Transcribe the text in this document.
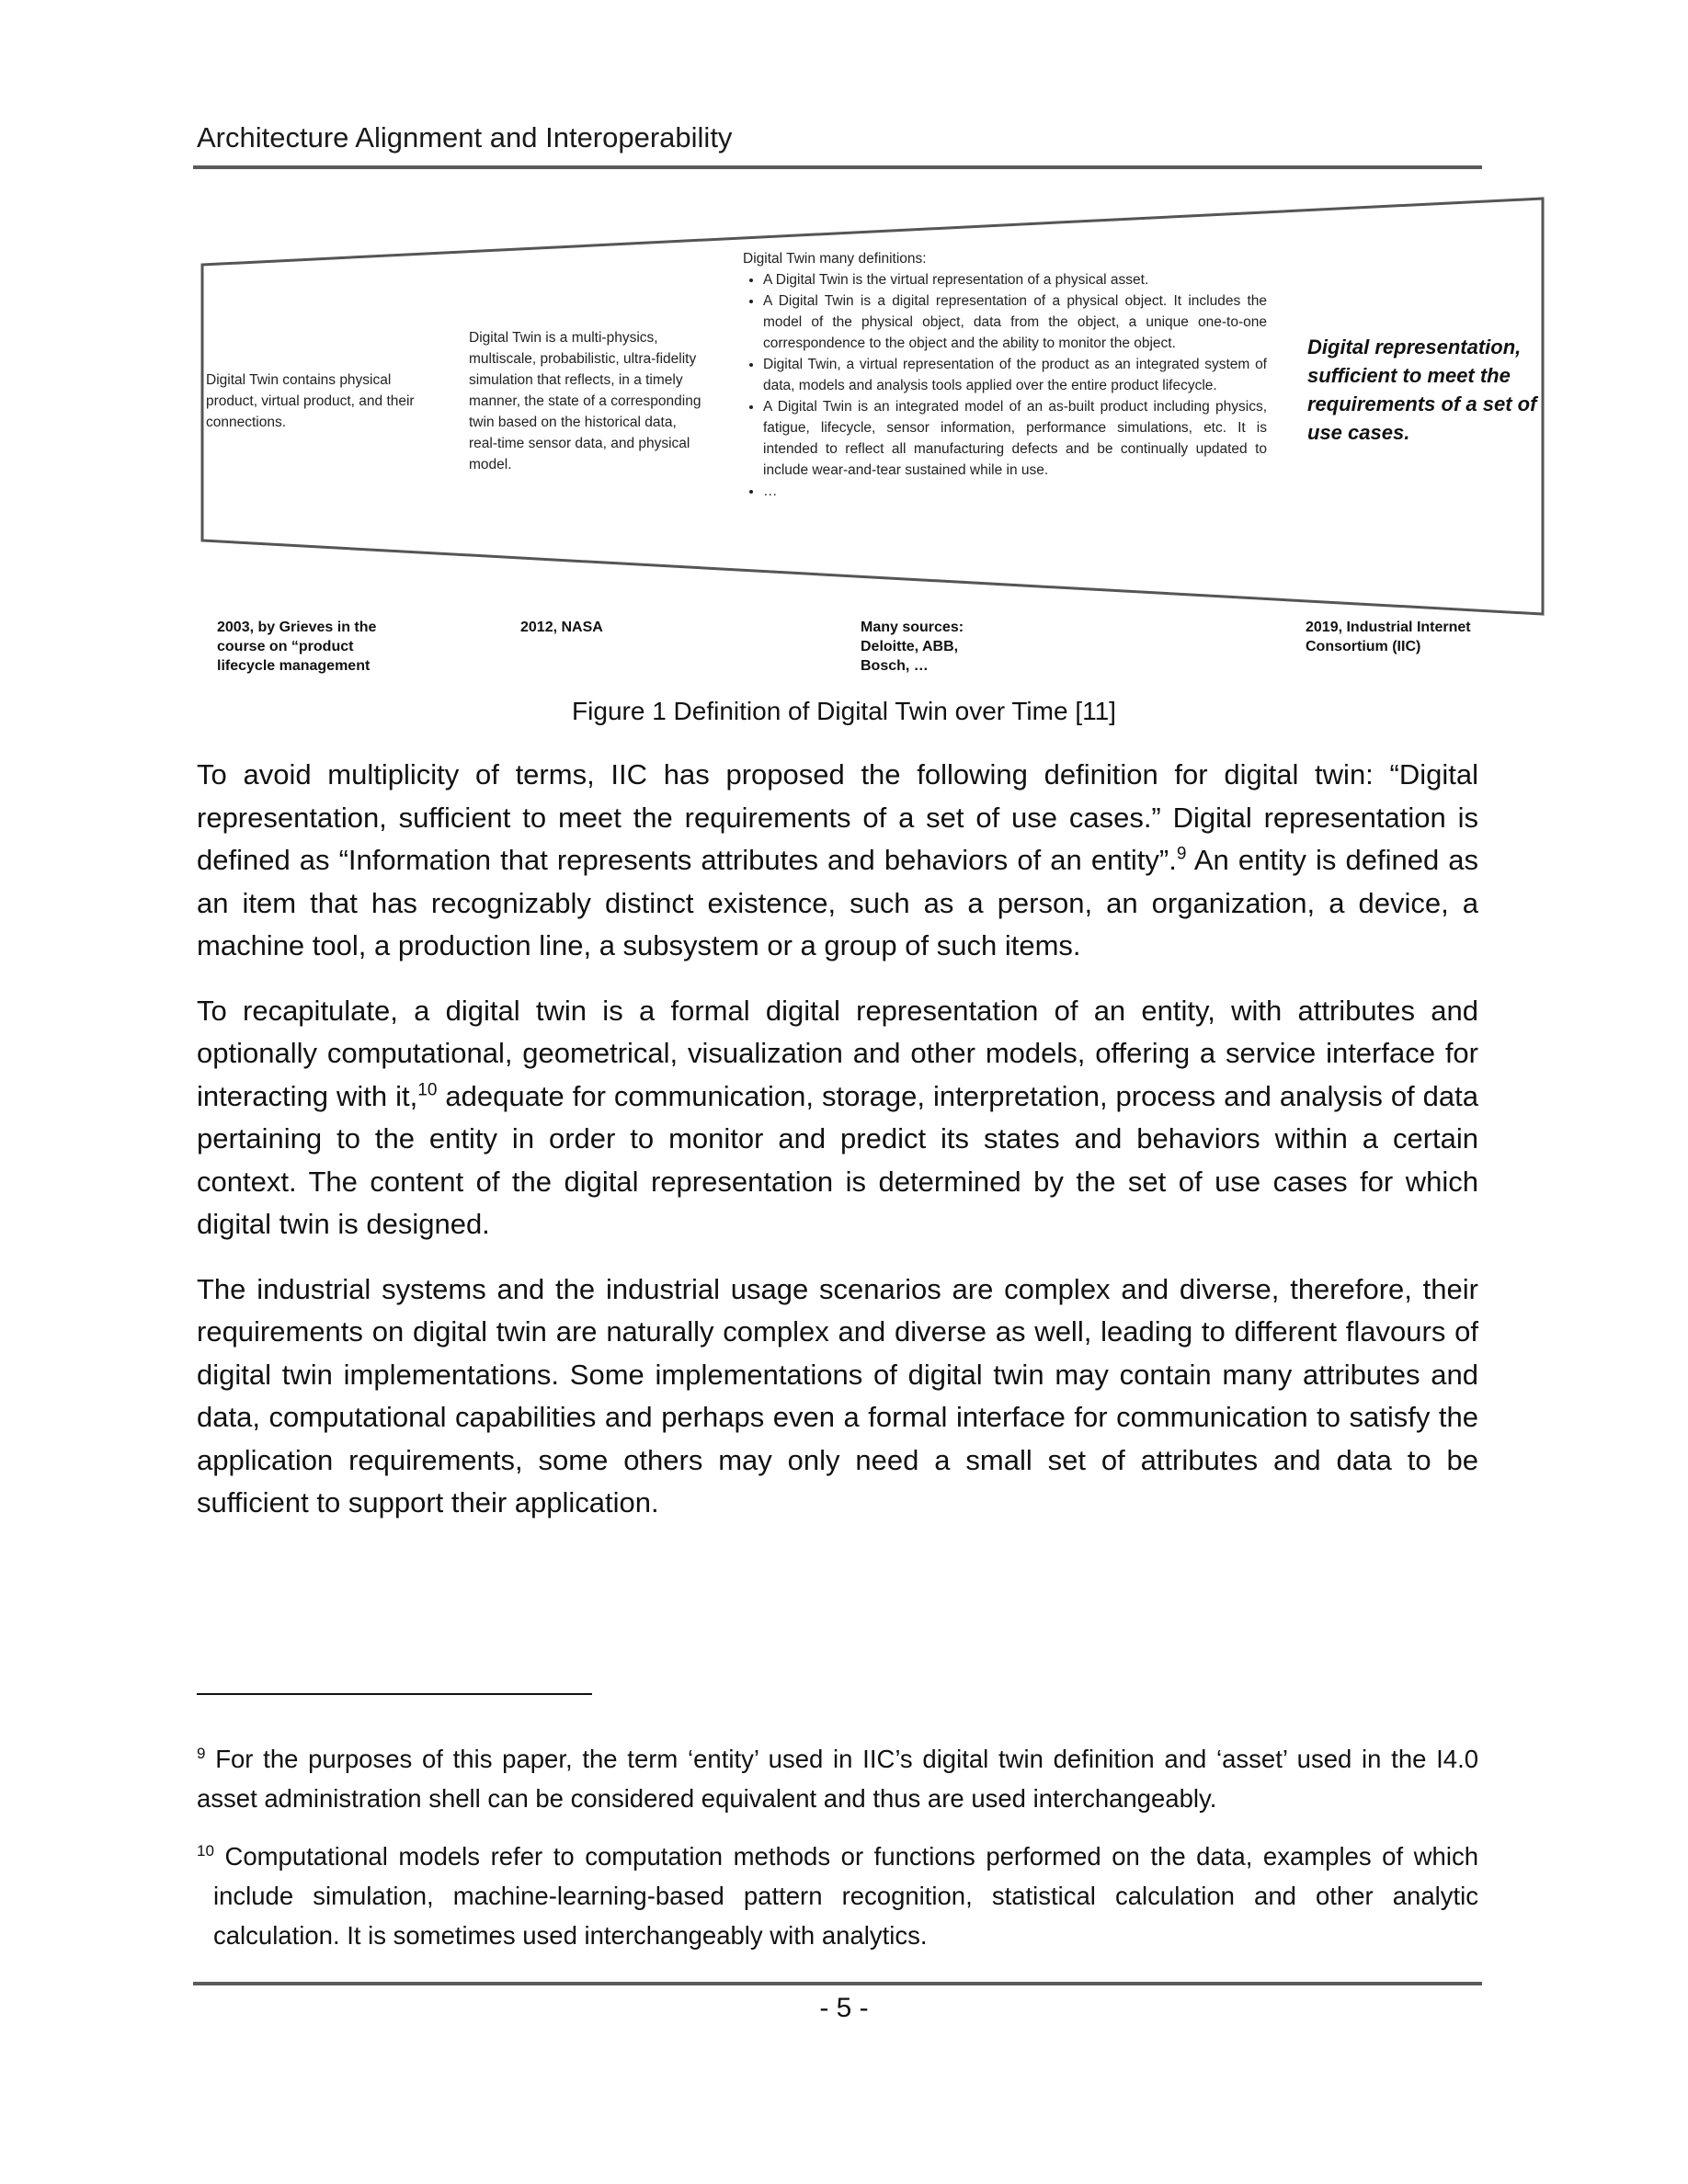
Architecture Alignment and Interoperability
Digital Twin contains physical product, virtual product, and their connections.
Digital Twin is a multi-physics, multiscale, probabilistic, ultra-fidelity simulation that reflects, in a timely manner, the state of a corresponding twin based on the historical data, real-time sensor data, and physical model.
Digital Twin many definitions:
• A Digital Twin is the virtual representation of a physical asset.
• A Digital Twin is a digital representation of a physical object. It includes the model of the physical object, data from the object, a unique one-to-one correspondence to the object and the ability to monitor the object.
• Digital Twin, a virtual representation of the product as an integrated system of data, models and analysis tools applied over the entire product lifecycle.
• A Digital Twin is an integrated model of an as-built product including physics, fatigue, lifecycle, sensor information, performance simulations, etc. It is intended to reflect all manufacturing defects and be continually updated to include wear-and-tear sustained while in use.
• …
Digital representation, sufficient to meet the requirements of a set of use cases.
2003, by Grieves in the course on “product lifecycle management
2012, NASA	Many sources: Deloitte, ABB, Bosch, …
2019, Industrial Internet Consortium (IIC)
Figure 1 Definition of Digital Twin over Time [11]

To avoid multiplicity of terms, IIC has proposed the following definition for digital twin: “Digital representation, sufficient to meet the requirements of a set of use cases.” Digital representation is defined as “Information that represents attributes and behaviors of an entity”.$^9$ An entity is defined as an item that has recognizably distinct existence, such as a person, an organization, a device, a machine tool, a production line, a subsystem or a group of such items.

To recapitulate, a digital twin is a formal digital representation of an entity, with attributes and optionally computational, geometrical, visualization and other models, offering a service interface for interacting with it,$^{10}$ adequate for communication, storage, interpretation, process and analysis of data pertaining to the entity in order to monitor and predict its states and behaviors within a certain context. The content of the digital representation is determined by the set of use cases for which digital twin is designed.

The industrial systems and the industrial usage scenarios are complex and diverse, therefore, their requirements on digital twin are naturally complex and diverse as well, leading to different flavours of digital twin implementations. Some implementations of digital twin may contain many attributes and data, computational capabilities and perhaps even a formal interface for communication to satisfy the application requirements, some others may only need a small set of attributes and data to be sufficient to support their application.

$^9$ For the purposes of this paper, the term ‘entity’ used in IIC’s digital twin definition and ‘asset’ used in the I4.0 asset administration shell can be considered equivalent and thus are used interchangeably.
$^{10}$ Computational models refer to computation methods or functions performed on the data, examples of which include simulation, machine-learning-based pattern recognition, statistical calculation and other analytic calculation. It is sometimes used interchangeably with analytics.
- 5 -
